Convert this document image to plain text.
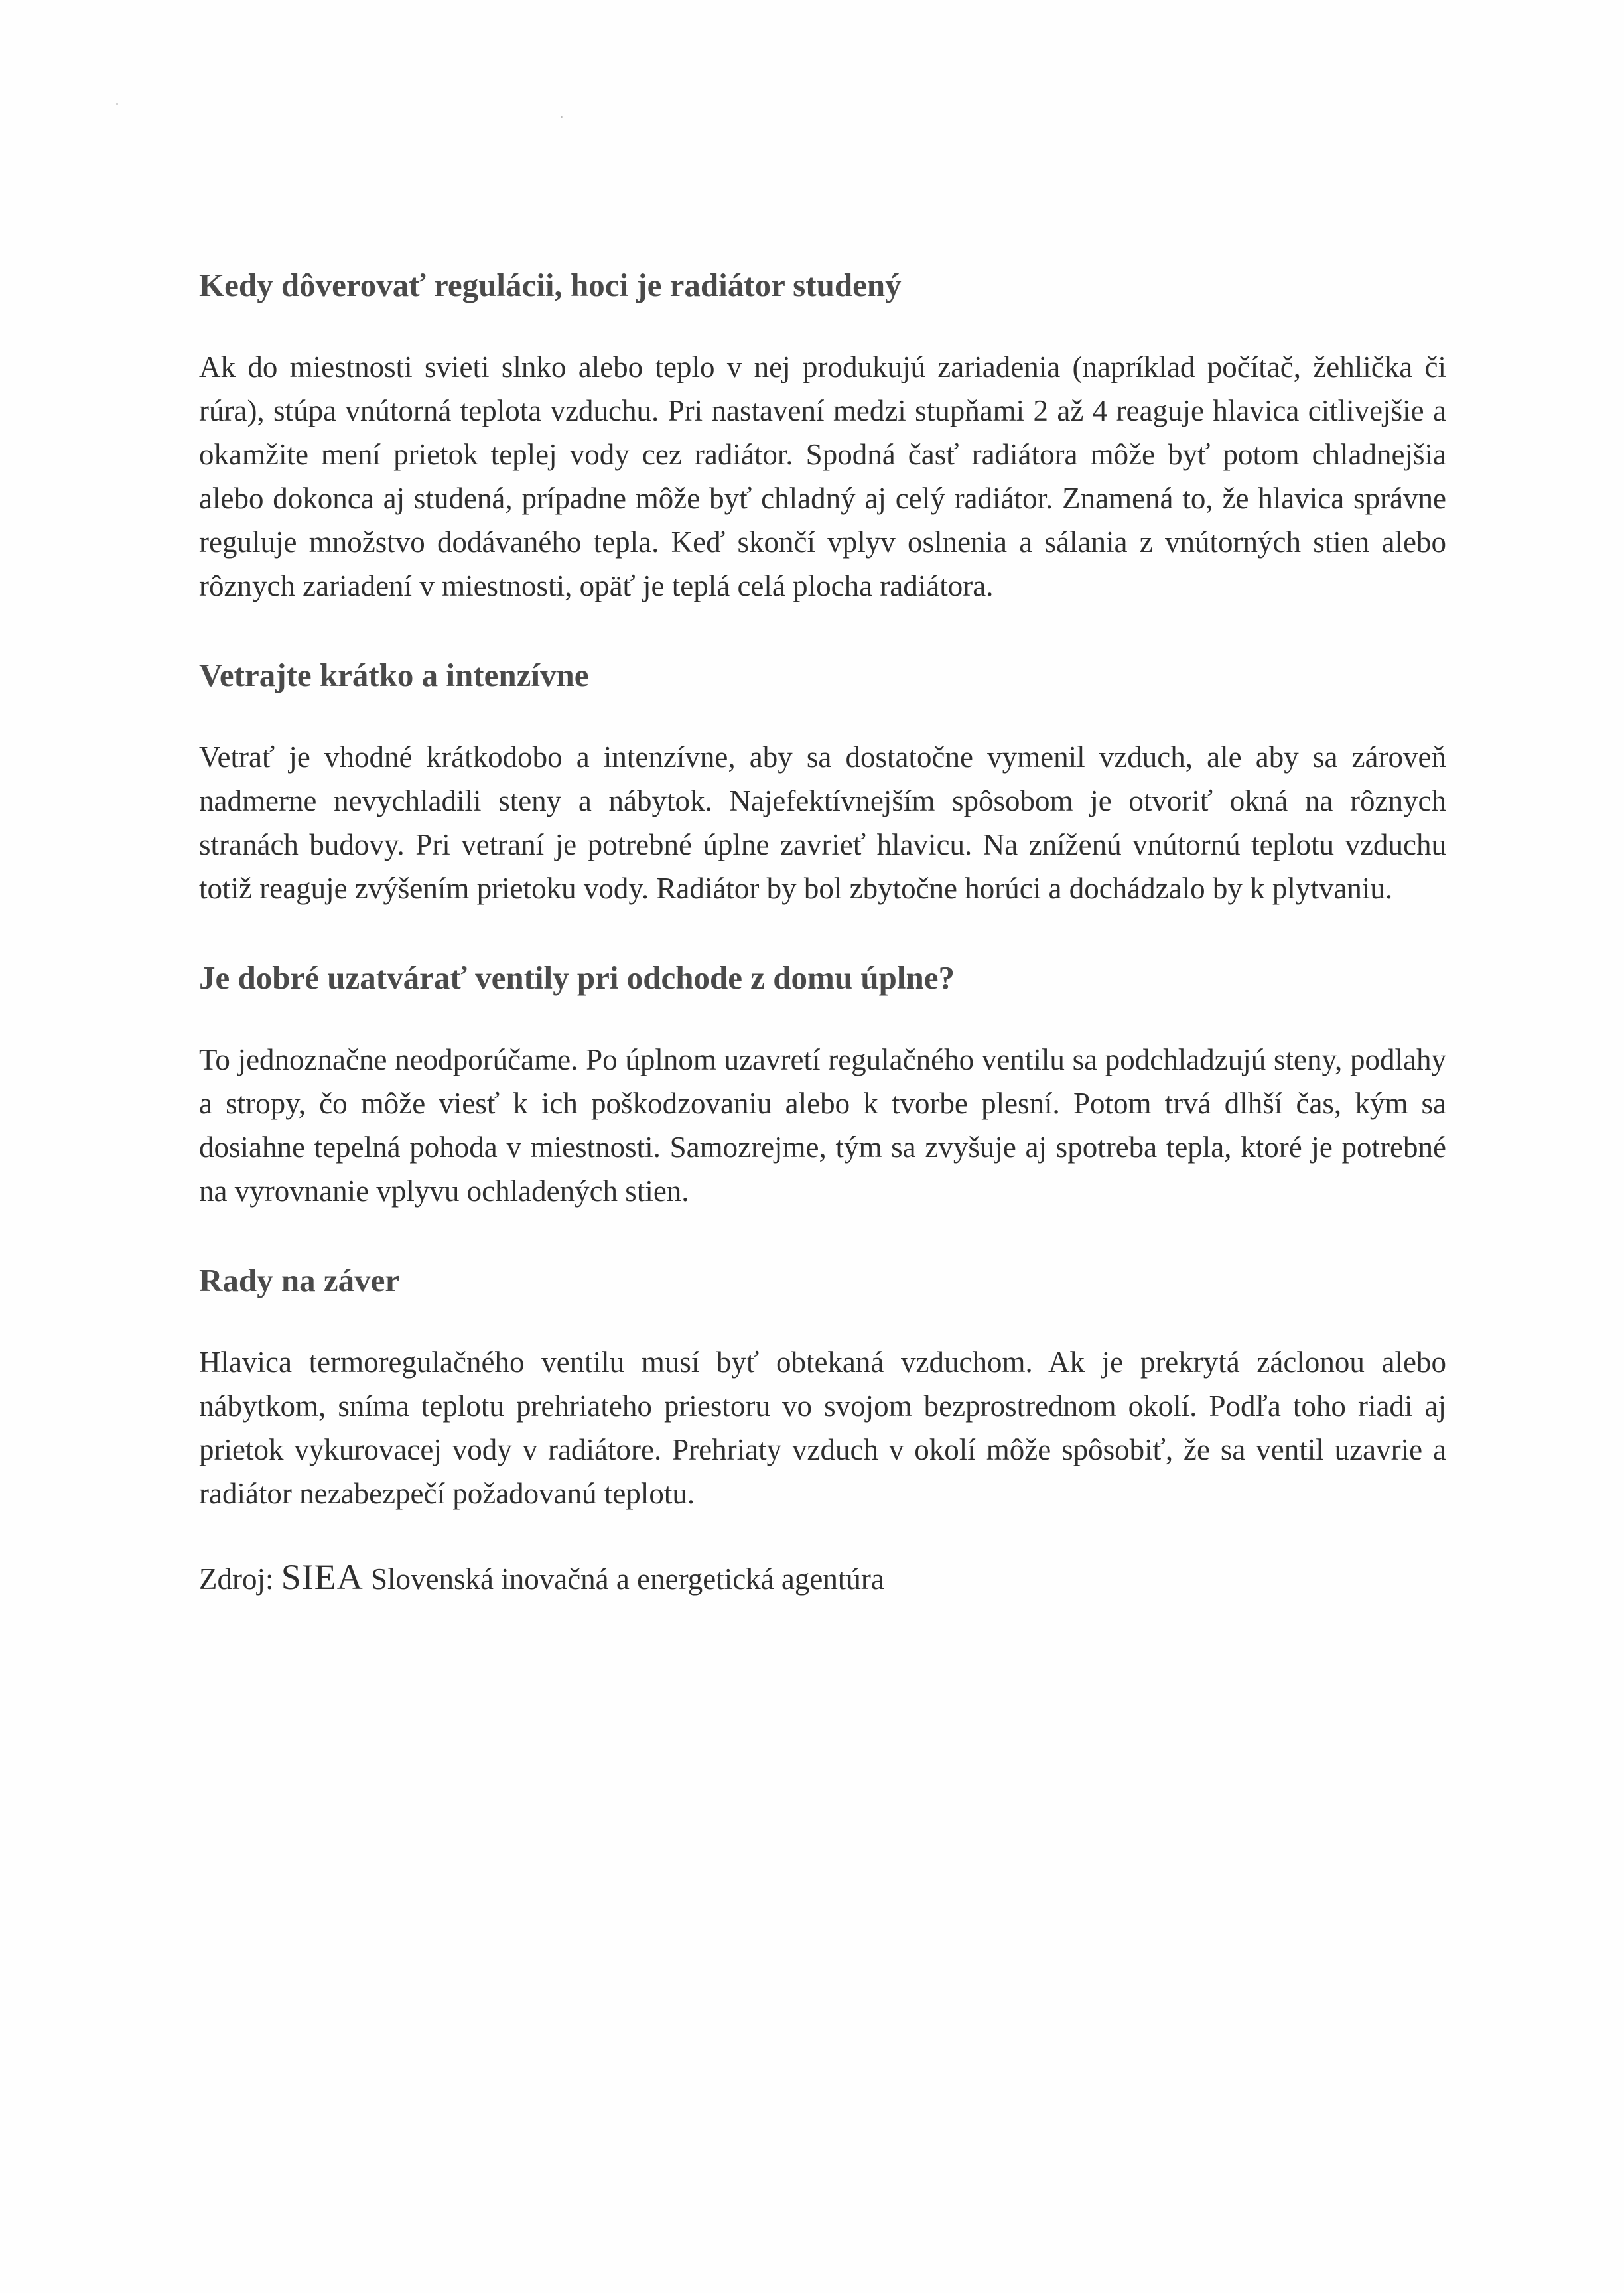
Kedy dôverovať regulácii, hoci je radiátor studený

Ak do miestnosti svieti slnko alebo teplo v nej produkujú zariadenia (napríklad počítač, žehlička či rúra), stúpa vnútorná teplota vzduchu. Pri nastavení medzi stupňami 2 až 4 reaguje hlavica citlivejšie a okamžite mení prietok teplej vody cez radiátor. Spodná časť radiátora môže byť potom chladnejšia alebo dokonca aj studená, prípadne môže byť chladný aj celý radiátor. Znamená to, že hlavica správne reguluje množstvo dodávaného tepla. Keď skončí vplyv oslnenia a sálania z vnútorných stien alebo rôznych zariadení v miestnosti, opäť je teplá celá plocha radiátora.

Vetrajte krátko a intenzívne

Vetrať je vhodné krátkodobo a intenzívne, aby sa dostatočne vymenil vzduch, ale aby sa zároveň nadmerne nevychladili steny a nábytok. Najefektívnejším spôsobom je otvoriť okná na rôznych stranách budovy. Pri vetraní je potrebné úplne zavrieť hlavicu. Na zníženú vnútornú teplotu vzduchu totiž reaguje zvýšením prietoku vody. Radiátor by bol zbytočne horúci a dochádzalo by k plytvaniu.

Je dobré uzatvárať ventily pri odchode z domu úplne?

To jednoznačne neodporúčame. Po úplnom uzavretí regulačného ventilu sa podchladzujú steny, podlahy a stropy, čo môže viesť k ich poškodzovaniu alebo k tvorbe plesní. Potom trvá dlhší čas, kým sa dosiahne tepelná pohoda v miestnosti. Samozrejme, tým sa zvyšuje aj spotreba tepla, ktoré je potrebné na vyrovnanie vplyvu ochladených stien.

Rady na záver

Hlavica termoregulačného ventilu musí byť obtekaná vzduchom. Ak je prekrytá záclonou alebo nábytkom, sníma teplotu prehriateho priestoru vo svojom bezprostrednom okolí. Podľa toho riadi aj prietok vykurovacej vody v radiátore. Prehriaty vzduch v okolí môže spôsobiť, že sa ventil uzavrie a radiátor nezabezpečí požadovanú teplotu.

Zdroj: SIEA Slovenská inovačná a energetická agentúra
